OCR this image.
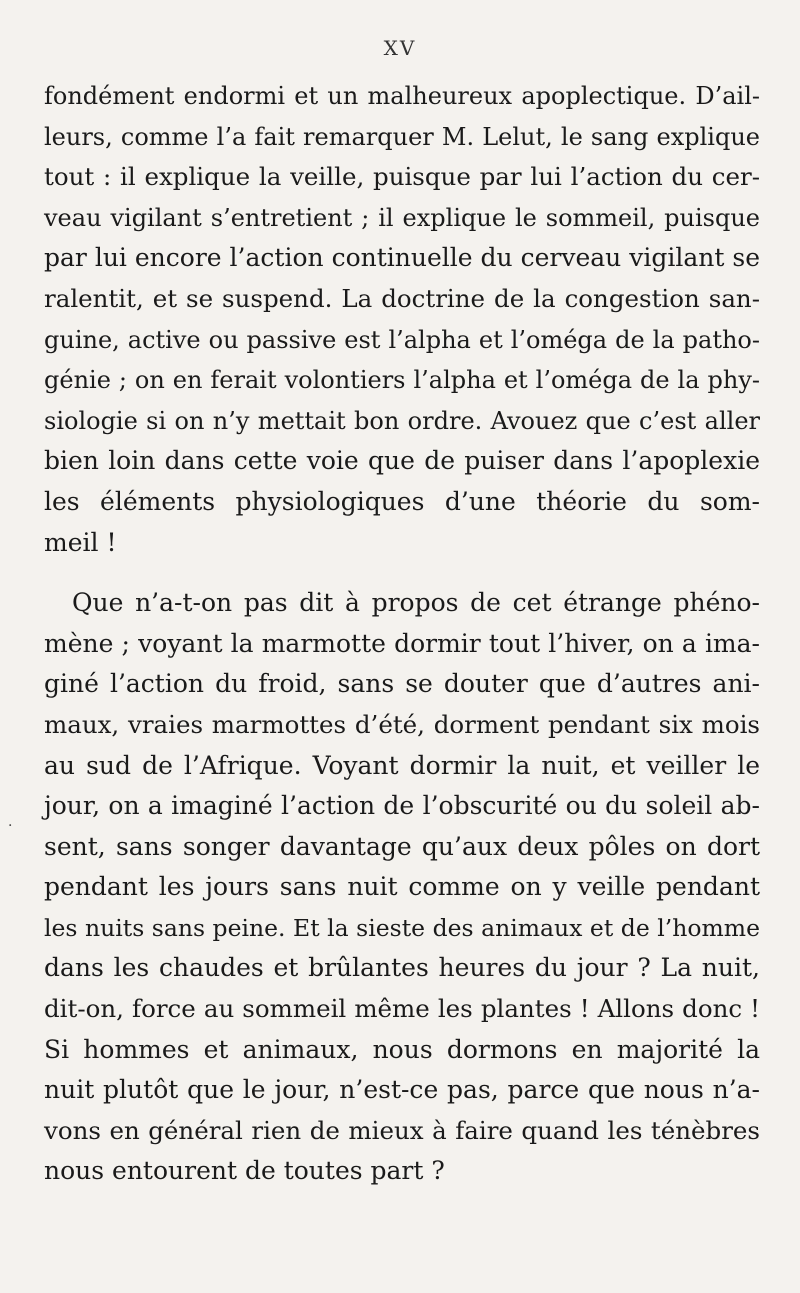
XV
·
fondément endormi et un malheureux apoplectique. D’ail-
leurs, comme l’a fait remarquer M. Lelut, le sang explique
tout : il explique la veille, puisque par lui l’action du cer-
veau vigilant s’entretient ; il explique le sommeil, puisque
par lui encore l’action continuelle du cerveau vigilant se
ralentit, et se suspend. La doctrine de la congestion san-
guine, active ou passive est l’alpha et l’oméga de la patho-
génie ; on en ferait volontiers l’alpha et l’oméga de la phy-
siologie si on n’y mettait bon ordre. Avouez que c’est aller
bien loin dans cette voie que de puiser dans l’apoplexie
les éléments physiologiques d’une théorie du som-
meil !
Que n’a-t-on pas dit à propos de cet étrange phéno-
mène ; voyant la marmotte dormir tout l’hiver, on a ima-
giné l’action du froid, sans se douter que d’autres ani-
maux, vraies marmottes d’été, dorment pendant six mois
au sud de l’Afrique. Voyant dormir la nuit, et veiller le
jour, on a imaginé l’action de l’obscurité ou du soleil ab-
sent, sans songer davantage qu’aux deux pôles on dort
pendant les jours sans nuit comme on y veille pendant
les nuits sans peine. Et la sieste des animaux et de l’homme
dans les chaudes et brûlantes heures du jour ? La nuit,
dit-on, force au sommeil même les plantes ! Allons donc !
Si hommes et animaux, nous dormons en majorité la
nuit plutôt que le jour, n’est-ce pas, parce que nous n’a-
vons en général rien de mieux à faire quand les ténèbres
nous entourent de toutes part ?
